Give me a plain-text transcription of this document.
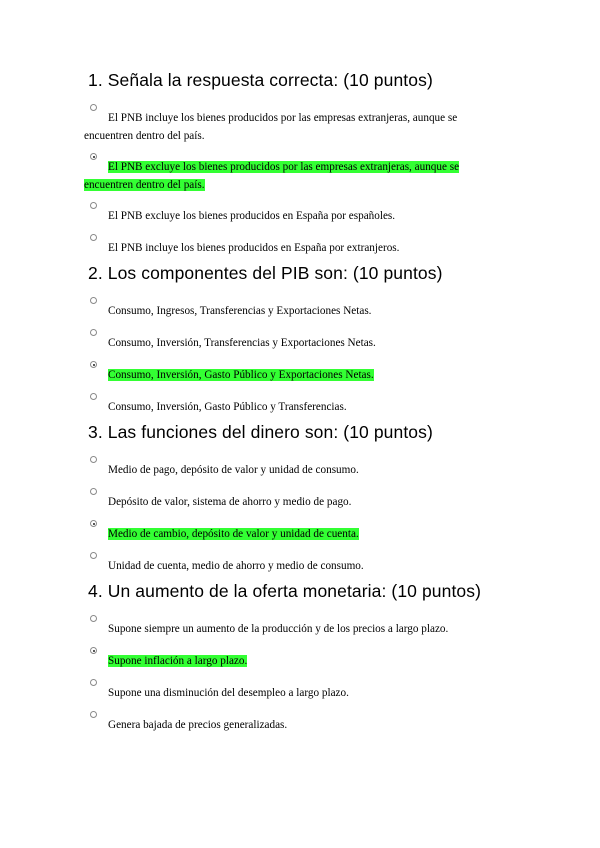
1. Señala la respuesta correcta: (10 puntos)
El PNB incluye los bienes producidos por las empresas extranjeras, aunque se encuentren dentro del país.
El PNB excluye los bienes producidos por las empresas extranjeras, aunque se encuentren dentro del país.
El PNB excluye los bienes producidos en España por españoles.
El PNB incluye los bienes producidos en España por extranjeros.
2. Los componentes del PIB son: (10 puntos)
Consumo, Ingresos, Transferencias y Exportaciones Netas.
Consumo, Inversión, Transferencias y Exportaciones Netas.
Consumo, Inversión, Gasto Público y Exportaciones Netas.
Consumo, Inversión, Gasto Público y Transferencias.
3. Las funciones del dinero son: (10 puntos)
Medio de pago, depósito de valor y unidad de consumo.
Depósito de valor, sistema de ahorro y medio de pago.
Medio de cambio, depósito de valor y unidad de cuenta.
Unidad de cuenta, medio de ahorro y medio de consumo.
4. Un aumento de la oferta monetaria: (10 puntos)
Supone siempre un aumento de la producción y de los precios a largo plazo.
Supone inflación a largo plazo.
Supone una disminución del desempleo a largo plazo.
Genera bajada de precios generalizadas.
